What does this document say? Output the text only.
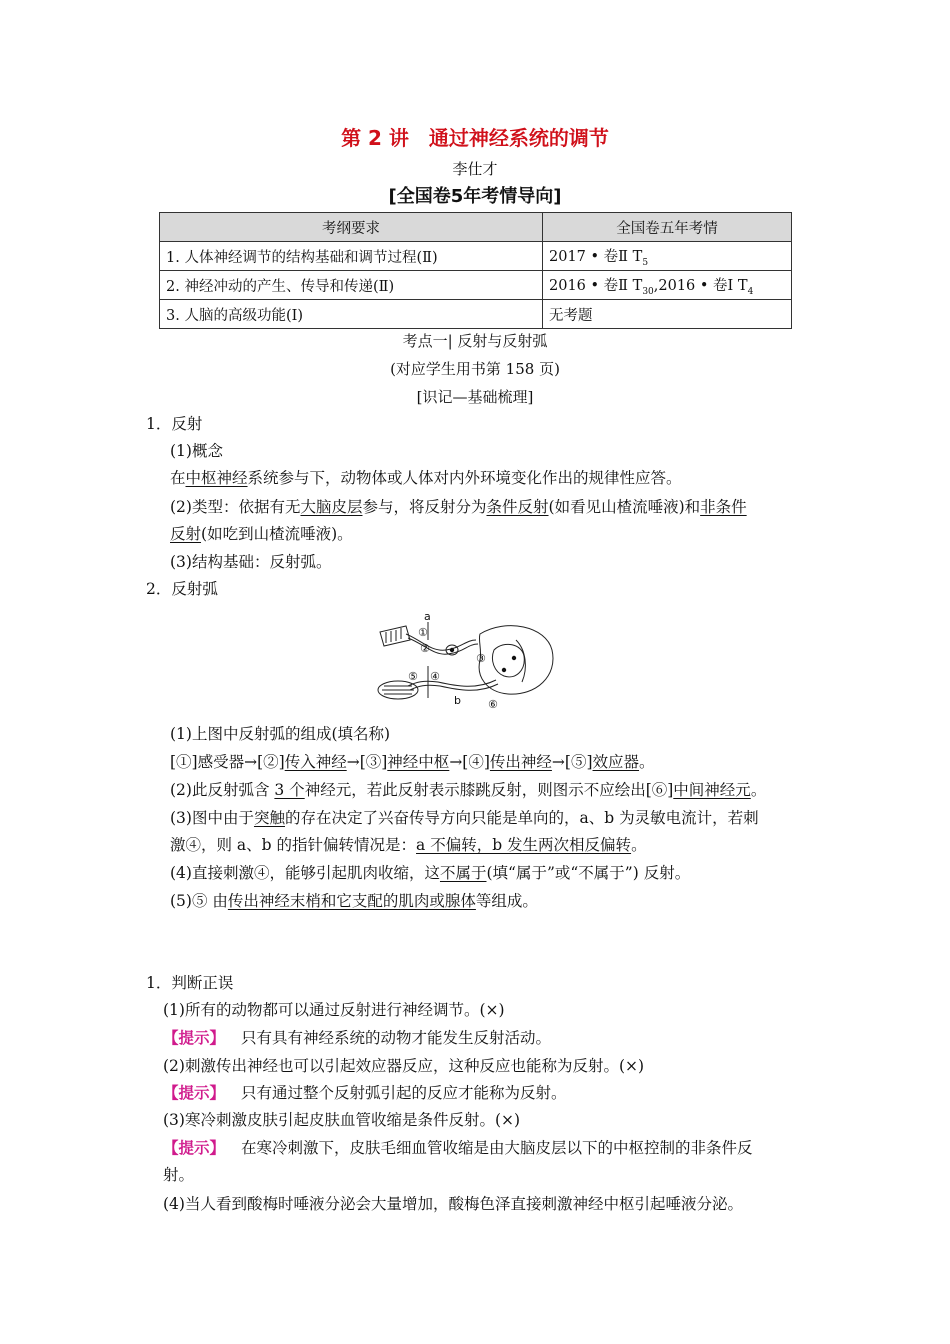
第 2 讲　通过神经系统的调节
李仕才
[全国卷5年考情导向]
考纲要求	全国卷五年考情
1. 人体神经调节的结构基础和调节过程(Ⅱ)	2017 • 卷Ⅱ $T_5$
2. 神经冲动的产生、传导和传递(Ⅱ)	2016 • 卷Ⅱ $T_{30},2016$ • 卷Ⅰ $T_4$
3. 人脑的高级功能(Ⅰ)	无考题
考点一| 反射与反射弧
(对应学生用书第 158 页)
[识记—基础梳理]
1．反射
(1)概念
在中枢神经系统参与下，动物体或人体对内外环境变化作出的规律性应答。
(2)类型：依据有无大脑皮层参与，将反射分为条件反射(如看见山楂流唾液)和非条件
反射(如吃到山楂流唾液)。
(3)结构基础：反射弧。
2．反射弧
a
①
②
③
④
⑤
⑥
b
(1)上图中反射弧的组成(填名称)
[①]感受器→[②]传入神经→[③]神经中枢→[④]传出神经→[⑤]效应器。
(2)此反射弧含 3 个神经元，若此反射表示膝跳反射，则图示不应绘出[⑥]中间神经元。
(3)图中由于突触的存在决定了兴奋传导方向只能是单向的，a、b 为灵敏电流计，若刺
激④，则 a、b 的指针偏转情况是：a 不偏转，b 发生两次相反偏转。
(4)直接刺激④，能够引起肌肉收缩，这不属于(填“属于”或“不属于”) 反射。
(5)⑤ 由传出神经末梢和它支配的肌肉或腺体等组成。
1．判断正误
(1)所有的动物都可以通过反射进行神经调节。(×)
【提示】 只有具有神经系统的动物才能发生反射活动。
(2)刺激传出神经也可以引起效应器反应，这种反应也能称为反射。(×)
【提示】 只有通过整个反射弧引起的反应才能称为反射。
(3)寒冷刺激皮肤引起皮肤血管收缩是条件反射。(×)
【提示】 在寒冷刺激下，皮肤毛细血管收缩是由大脑皮层以下的中枢控制的非条件反
射。
(4)当人看到酸梅时唾液分泌会大量增加，酸梅色泽直接刺激神经中枢引起唾液分泌。
